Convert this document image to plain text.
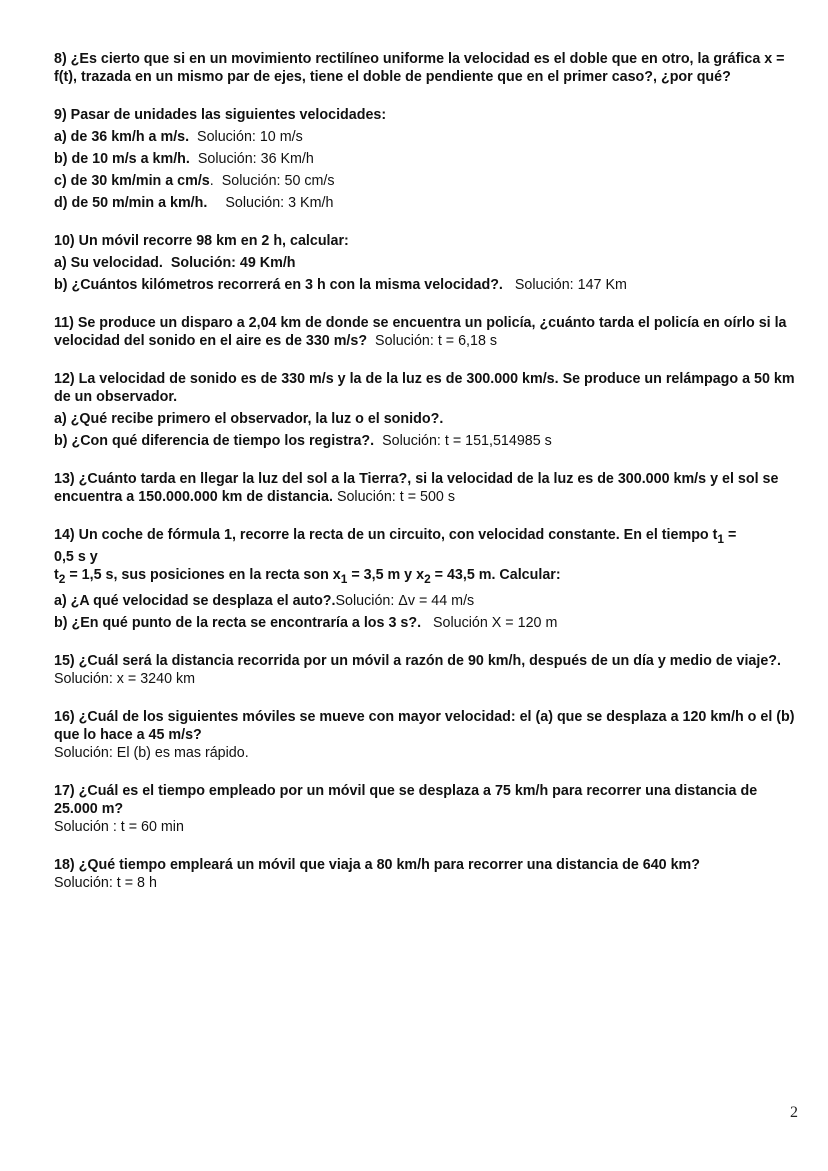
8) ¿Es cierto que si en un movimiento rectilíneo uniforme la velocidad es el doble que en otro, la gráfica x = f(t), trazada en un mismo par de ejes, tiene el doble de pendiente que en el primer caso?, ¿por qué?

9) Pasar de unidades las siguientes velocidades:

a) de 36 km/h a m/s. Solución: 10 m/s

b) de 10 m/s a km/h. Solución: 36 Km/h

c) de 30 km/min a cm/s. Solución: 50 cm/s

d) de 50 m/min a km/h. Solución: 3 Km/h

10) Un móvil recorre 98 km en 2 h, calcular:

a) Su velocidad. Solución: 49 Km/h

b) ¿Cuántos kilómetros recorrerá en 3 h con la misma velocidad?. Solución: 147 Km

11) Se produce un disparo a 2,04 km de donde se encuentra un policía, ¿cuánto tarda el policía en oírlo si la velocidad del sonido en el aire es de 330 m/s? Solución: t = 6,18 s

12) La velocidad de sonido es de 330 m/s y la de la luz es de 300.000 km/s. Se produce un relámpago a 50 km de un observador.

a) ¿Qué recibe primero el observador, la luz o el sonido?.

b) ¿Con qué diferencia de tiempo los registra?. Solución: t = 151,514985 s

13) ¿Cuánto tarda en llegar la luz del sol a la Tierra?, si la velocidad de la luz es de 300.000 km/s y el sol se encuentra a 150.000.000 km de distancia. Solución: t = 500 s

14) Un coche de fórmula 1, recorre la recta de un circuito, con velocidad constante. En el tiempo $t_1$ =

0,5 s y

$t_2 = 1,5$ s, sus posiciones en la recta son $x_1 = 3,5$ m y $x_2 = 43,5$ m. Calcular:

a) ¿A qué velocidad se desplaza el auto?.Solución: Δv = 44 m/s

b) ¿En qué punto de la recta se encontraría a los 3 s?. Solución X = 120 m

15) ¿Cuál será la distancia recorrida por un móvil a razón de 90 km/h, después de un día y medio de viaje?.  Solución: x = 3240 km

16) ¿Cuál de los siguientes móviles se mueve con mayor velocidad: el (a) que se desplaza a 120 km/h o el (b) que lo hace a 45 m/s?

Solución: El (b) es mas rápido.

17) ¿Cuál es el tiempo empleado por un móvil que se desplaza a 75 km/h para recorrer una distancia de 25.000 m?

Solución : t = 60 min

18) ¿Qué tiempo empleará un móvil que viaja a 80 km/h para recorrer una distancia de 640 km?

Solución: t = 8 h

2
